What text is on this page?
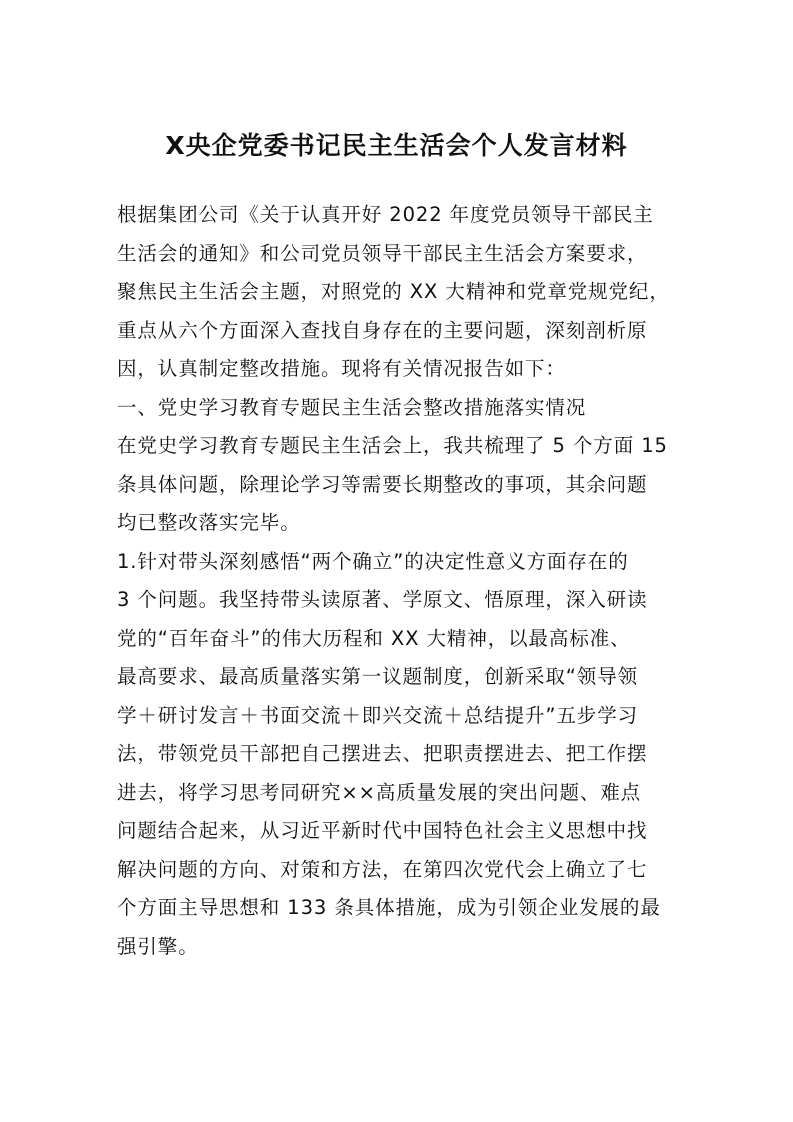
X央企党委书记民主生活会个人发言材料
根据集团公司《关于认真开好 2022 年度党员领导干部民主
生活会的通知》和公司党员领导干部民主生活会方案要求，
聚焦民主生活会主题，对照党的 XX 大精神和党章党规党纪，
重点从六个方面深入查找自身存在的主要问题，深刻剖析原
因，认真制定整改措施。现将有关情况报告如下：
一、党史学习教育专题民主生活会整改措施落实情况
在党史学习教育专题民主生活会上，我共梳理了 5 个方面 15
条具体问题，除理论学习等需要长期整改的事项，其余问题
均已整改落实完毕。
1.针对带头深刻感悟“两个确立”的决定性意义方面存在的
3 个问题。我坚持带头读原著、学原文、悟原理，深入研读
党的“百年奋斗”的伟大历程和 XX 大精神，以最高标准、
最高要求、最高质量落实第一议题制度，创新采取“领导领
学＋研讨发言＋书面交流＋即兴交流＋总结提升”五步学习
法，带领党员干部把自己摆进去、把职责摆进去、把工作摆
进去，将学习思考同研究××高质量发展的突出问题、难点
问题结合起来，从习近平新时代中国特色社会主义思想中找
解决问题的方向、对策和方法，在第四次党代会上确立了七
个方面主导思想和 133 条具体措施，成为引领企业发展的最
强引擎。
